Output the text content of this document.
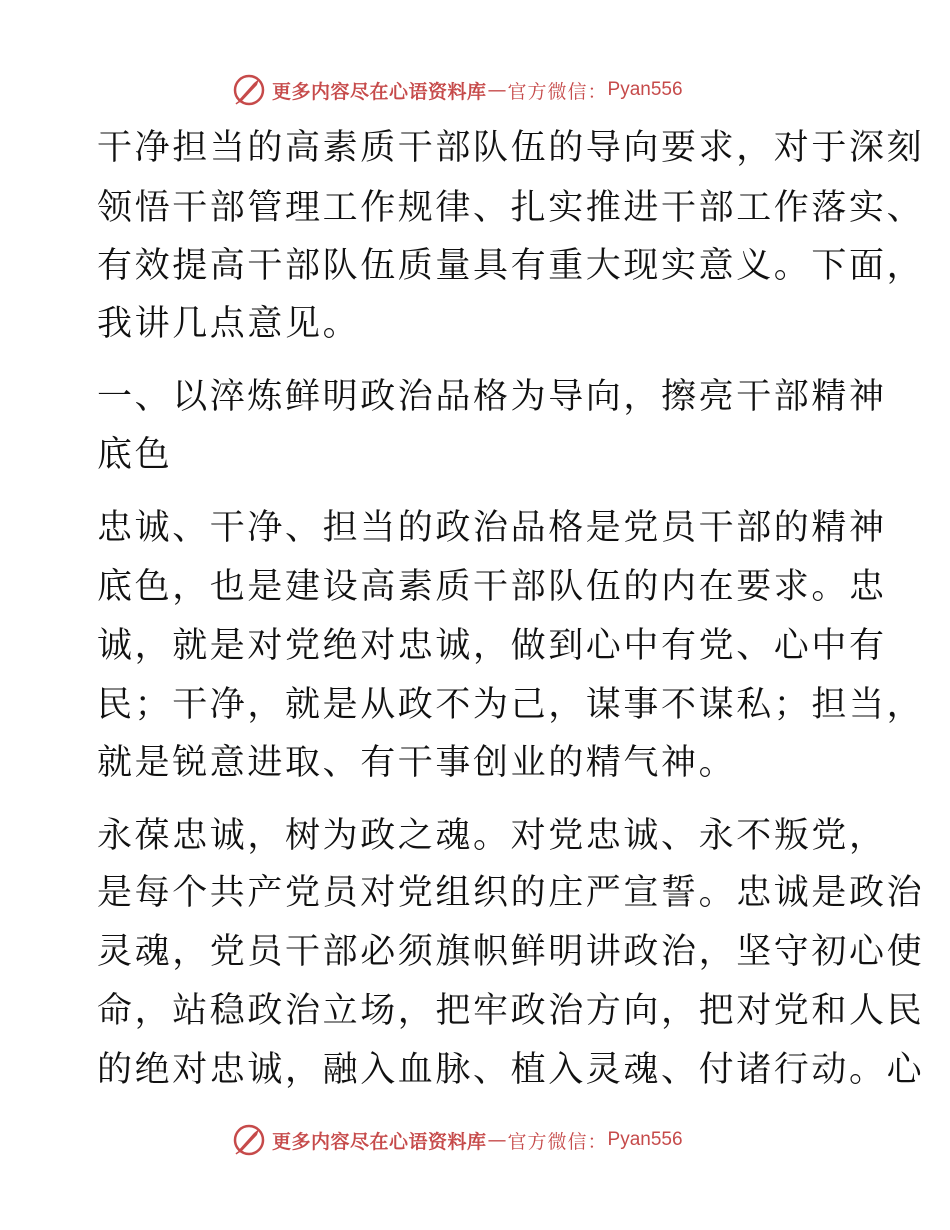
更多内容尽在心语资料库 — 官方微信： Pyan556
干净担当的高素质干部队伍的导向要求，对于深刻
领悟干部管理工作规律、扎实推进干部工作落实、
有效提高干部队伍质量具有重大现实意义。下面，
我讲几点意见。
一、以淬炼鲜明政治品格为导向，擦亮干部精神
底色
忠诚、干净、担当的政治品格是党员干部的精神
底色，也是建设高素质干部队伍的内在要求。忠
诚，就是对党绝对忠诚，做到心中有党、心中有
民；干净，就是从政不为己，谋事不谋私；担当，
就是锐意进取、有干事创业的精气神。
永葆忠诚，树为政之魂。对党忠诚、永不叛党，
是每个共产党员对党组织的庄严宣誓。忠诚是政治
灵魂，党员干部必须旗帜鲜明讲政治，坚守初心使
命，站稳政治立场，把牢政治方向，把对党和人民
的绝对忠诚，融入血脉、植入灵魂、付诸行动。心
更多内容尽在心语资料库 — 官方微信： Pyan556
